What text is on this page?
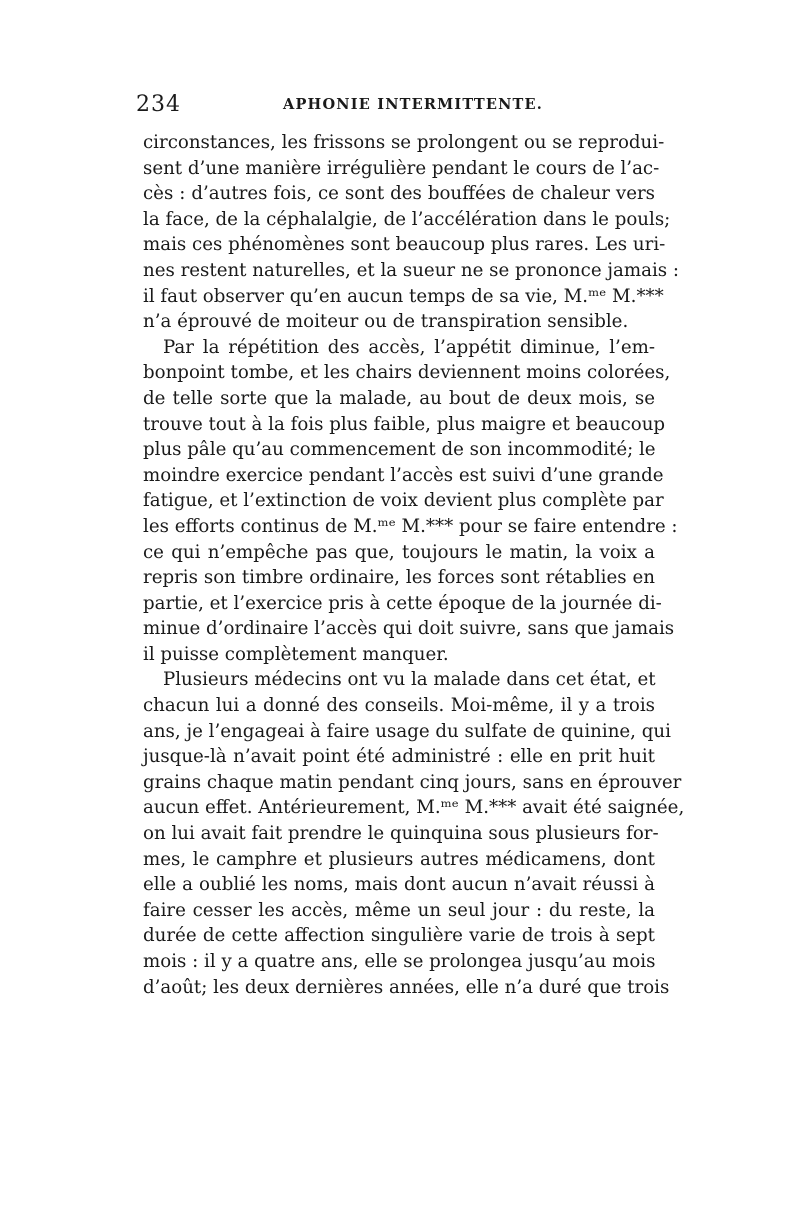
234	APHONIE INTERMITTENTE.
circonstances, les frissons se prolongent ou se reprodui-
sent d’une manière irrégulière pendant le cours de l’ac-
cès : d’autres fois, ce sont des bouffées de chaleur vers
la face, de la céphalalgie, de l’accélération dans le pouls;
mais ces phénomènes sont beaucoup plus rares. Les uri-
nes restent naturelles, et la sueur ne se prononce jamais :
il faut observer qu’en aucun temps de sa vie, M.ᵐᵉ M.***
n’a éprouvé de moiteur ou de transpiration sensible.
Par la répétition des accès, l’appétit diminue, l’em-
bonpoint tombe, et les chairs deviennent moins colorées,
de telle sorte que la malade, au bout de deux mois, se
trouve tout à la fois plus faible, plus maigre et beaucoup
plus pâle qu’au commencement de son incommodité; le
moindre exercice pendant l’accès est suivi d’une grande
fatigue, et l’extinction de voix devient plus complète par
les efforts continus de M.ᵐᵉ M.*** pour se faire entendre :
ce qui n’empêche pas que, toujours le matin, la voix a
repris son timbre ordinaire, les forces sont rétablies en
partie, et l’exercice pris à cette époque de la journée di-
minue d’ordinaire l’accès qui doit suivre, sans que jamais
il puisse complètement manquer.
Plusieurs médecins ont vu la malade dans cet état, et
chacun lui a donné des conseils. Moi-même, il y a trois
ans, je l’engageai à faire usage du sulfate de quinine, qui
jusque-là n’avait point été administré : elle en prit huit
grains chaque matin pendant cinq jours, sans en éprouver
aucun effet. Antérieurement, M.ᵐᵉ M.*** avait été saignée,
on lui avait fait prendre le quinquina sous plusieurs for-
mes, le camphre et plusieurs autres médicamens, dont
elle a oublié les noms, mais dont aucun n’avait réussi à
faire cesser les accès, même un seul jour : du reste, la
durée de cette affection singulière varie de trois à sept
mois : il y a quatre ans, elle se prolongea jusqu’au mois
d’août; les deux dernières années, elle n’a duré que trois
